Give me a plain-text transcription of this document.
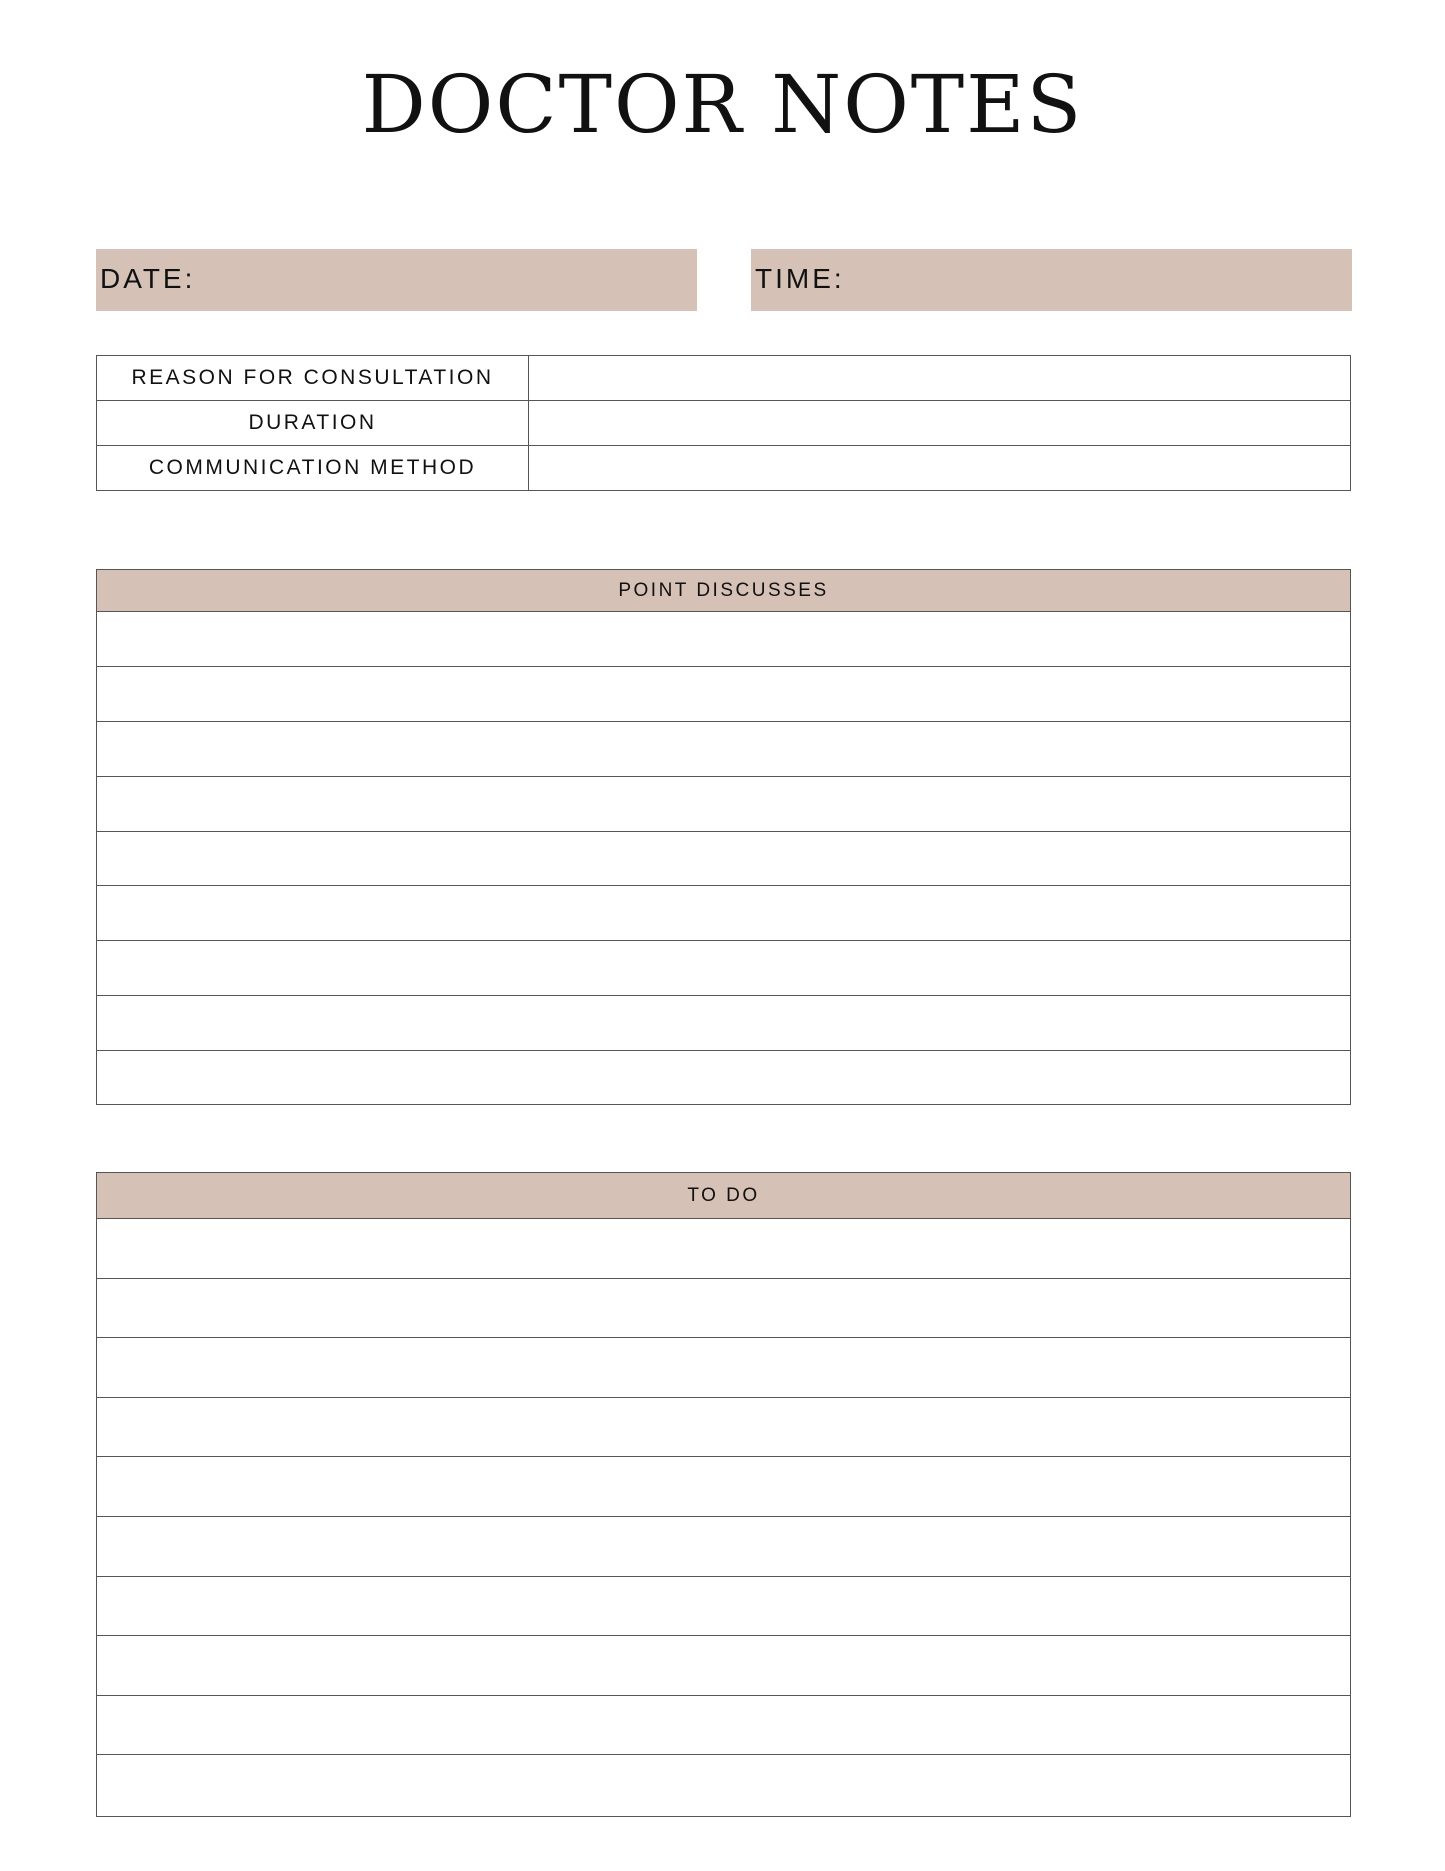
DOCTOR NOTES
DATE:	TIME:
REASON FOR CONSULTATION	
DURATION	
COMMUNICATION METHOD	
POINT DISCUSSES
TO DO
